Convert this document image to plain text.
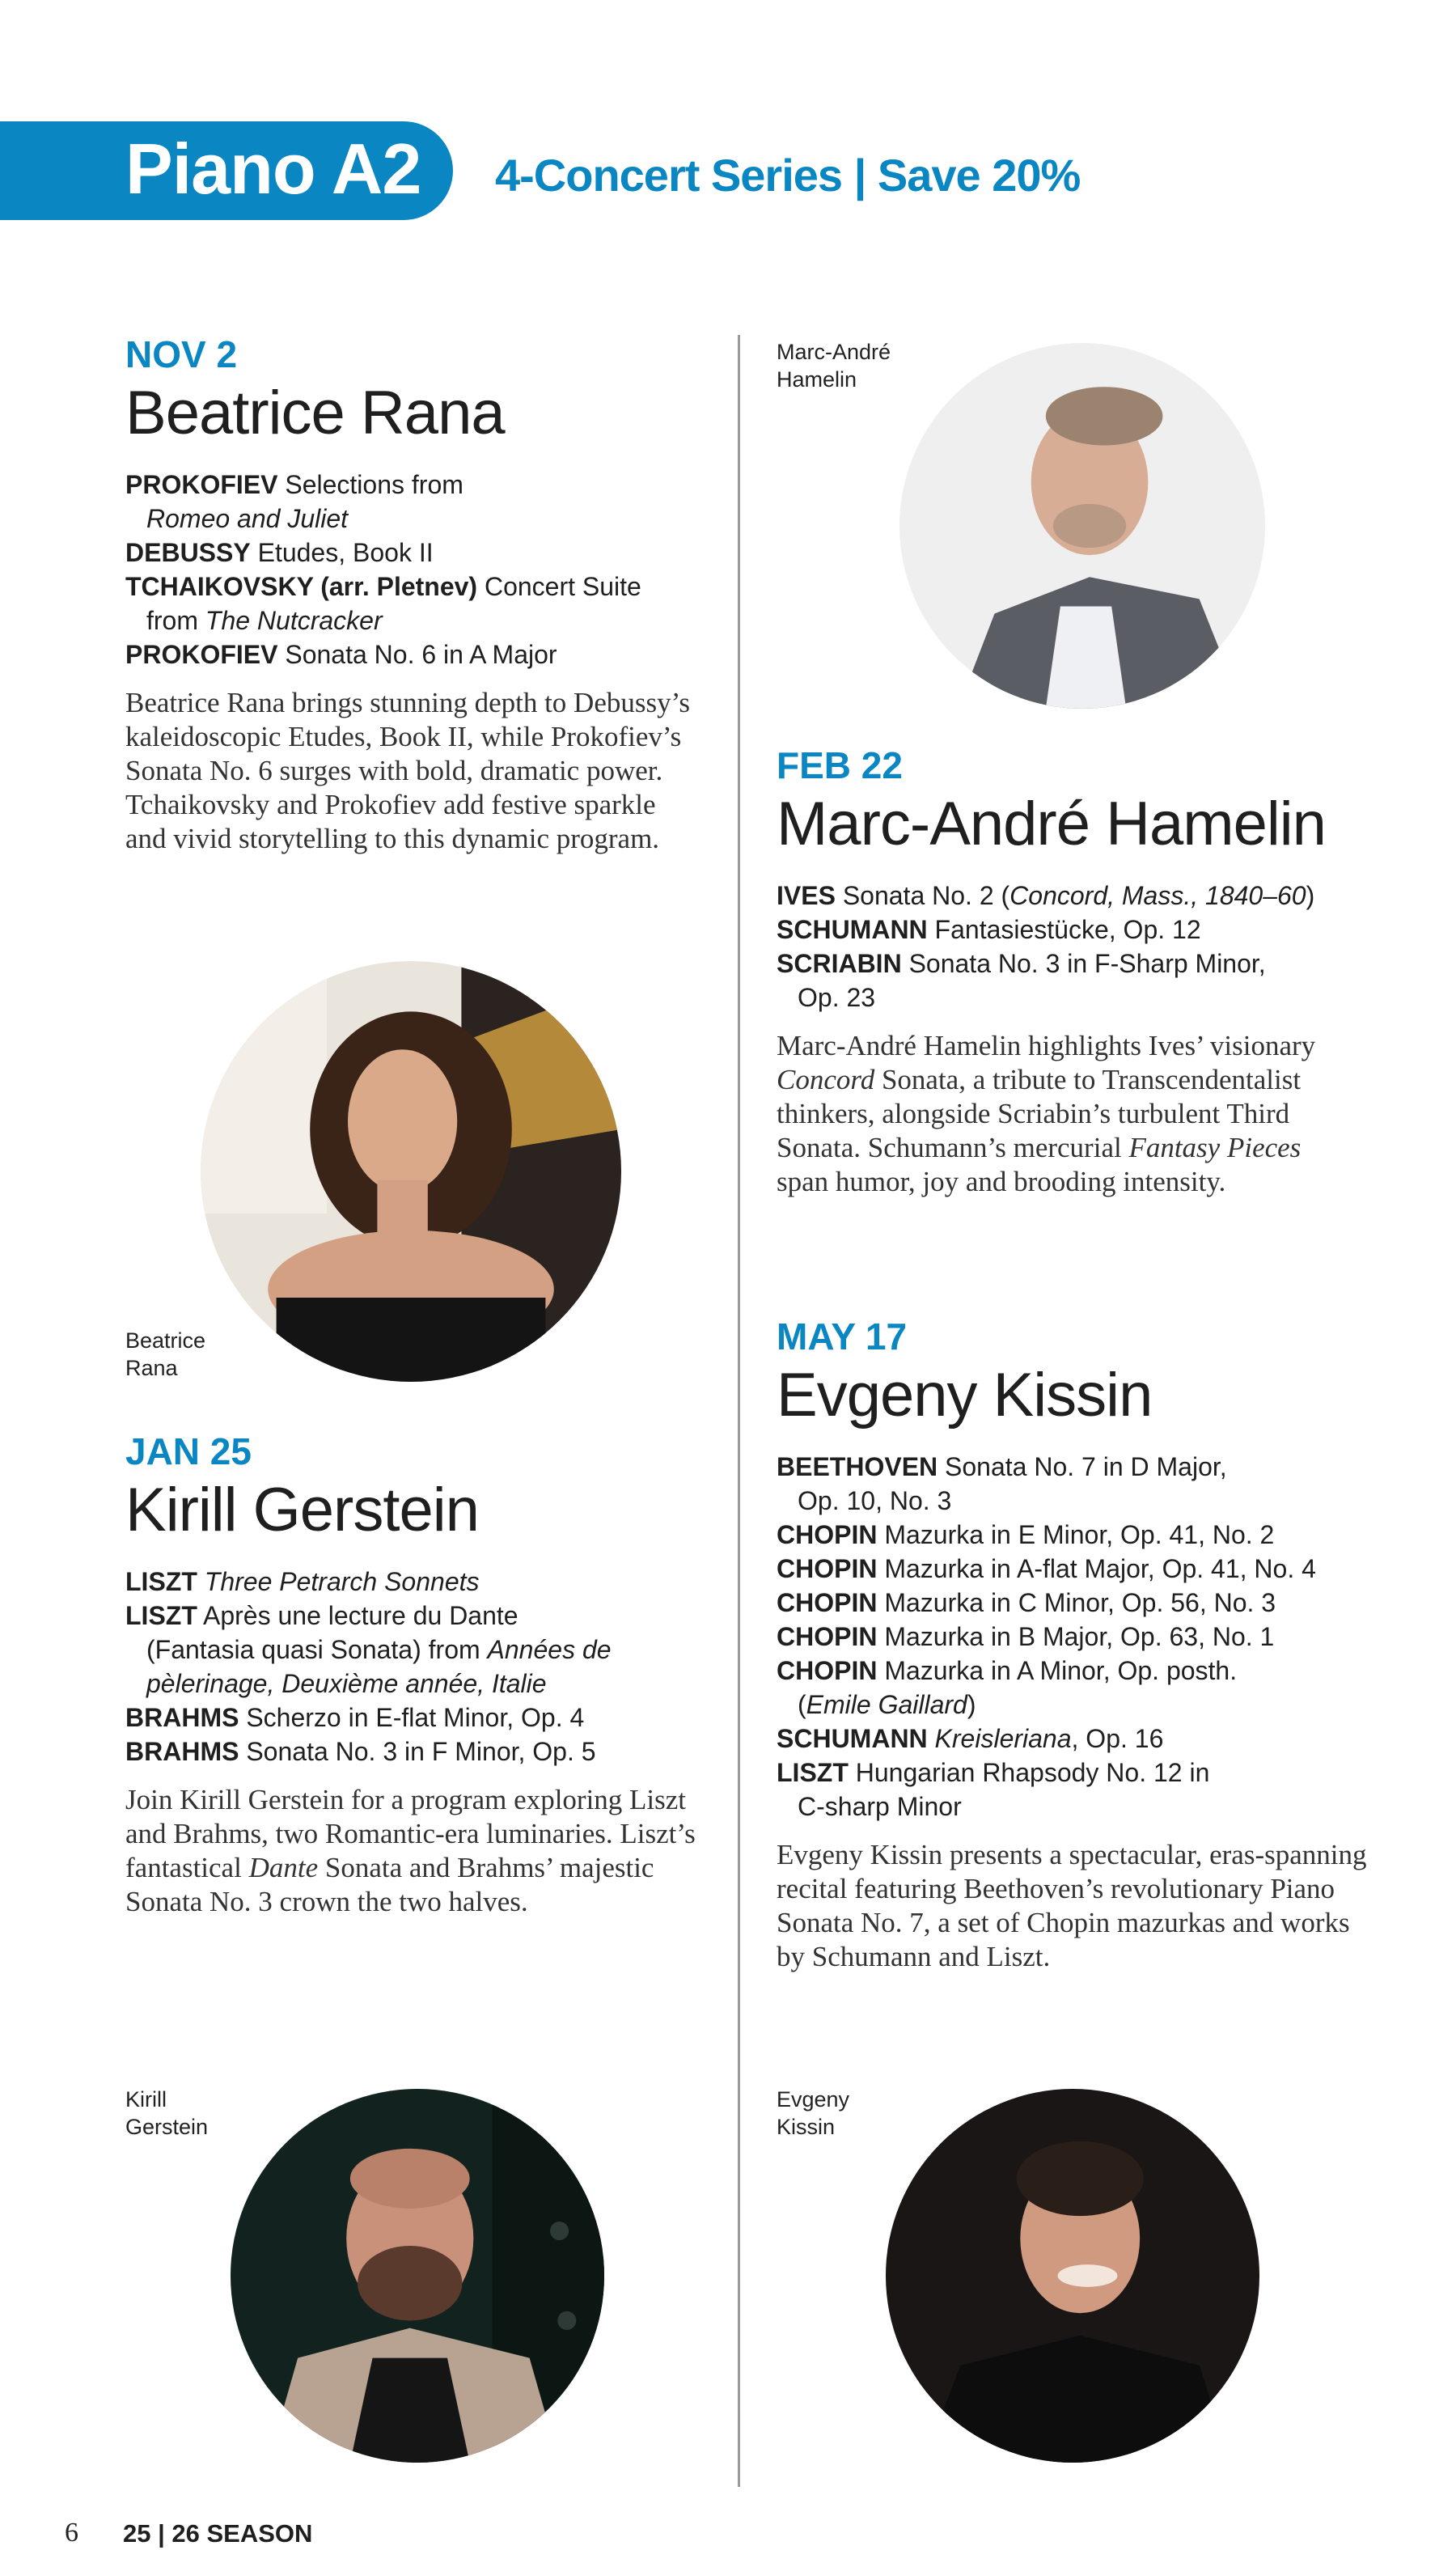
Piano A2 4-Concert Series | Save 20%
NOV 2
Beatrice Rana
PROKOFIEV Selections from
Romeo and Juliet
DEBUSSY Etudes, Book II
TCHAIKOVSKY (arr. Pletnev) Concert Suite
from The Nutcracker
PROKOFIEV Sonata No. 6 in A Major

Beatrice Rana brings stunning depth to Debussy’s kaleidoscopic Etudes, Book II, while Prokofiev’s Sonata No. 6 surges with bold, dramatic power. Tchaikovsky and Prokofiev add festive sparkle and vivid storytelling to this dynamic program.

Beatrice
Rana
JAN 25
Kirill Gerstein
LISZT Three Petrarch Sonnets
LISZT Après une lecture du Dante
(Fantasia quasi Sonata) from Années de
pèlerinage, Deuxième année, Italie
BRAHMS Scherzo in E-flat Minor, Op. 4
BRAHMS Sonata No. 3 in F Minor, Op. 5

Join Kirill Gerstein for a program exploring Liszt and Brahms, two Romantic-era luminaries. Liszt’s fantastical Dante Sonata and Brahms’ majestic Sonata No. 3 crown the two halves.

Kirill
Gerstein
Marc-André
Hamelin
FEB 22
Marc-André Hamelin
IVES Sonata No. 2 (Concord, Mass., 1840–60)
SCHUMANN Fantasiestücke, Op. 12
SCRIABIN Sonata No. 3 in F-Sharp Minor,
Op. 23

Marc-André Hamelin highlights Ives’ visionary Concord Sonata, a tribute to Transcendentalist thinkers, alongside Scriabin’s turbulent Third Sonata. Schumann’s mercurial Fantasy Pieces span humor, joy and brooding intensity.

MAY 17
Evgeny Kissin
BEETHOVEN Sonata No. 7 in D Major,
Op. 10, No. 3
CHOPIN Mazurka in E Minor, Op. 41, No. 2
CHOPIN Mazurka in A-flat Major, Op. 41, No. 4
CHOPIN Mazurka in C Minor, Op. 56, No. 3
CHOPIN Mazurka in B Major, Op. 63, No. 1
CHOPIN Mazurka in A Minor, Op. posth.
(Emile Gaillard)
SCHUMANN Kreisleriana, Op. 16
LISZT Hungarian Rhapsody No. 12 in
C-sharp Minor

Evgeny Kissin presents a spectacular, eras-spanning recital featuring Beethoven’s revolutionary Piano Sonata No. 7, a set of Chopin mazurkas and works by Schumann and Liszt.

Evgeny
Kissin
6 25 | 26 SEASON
